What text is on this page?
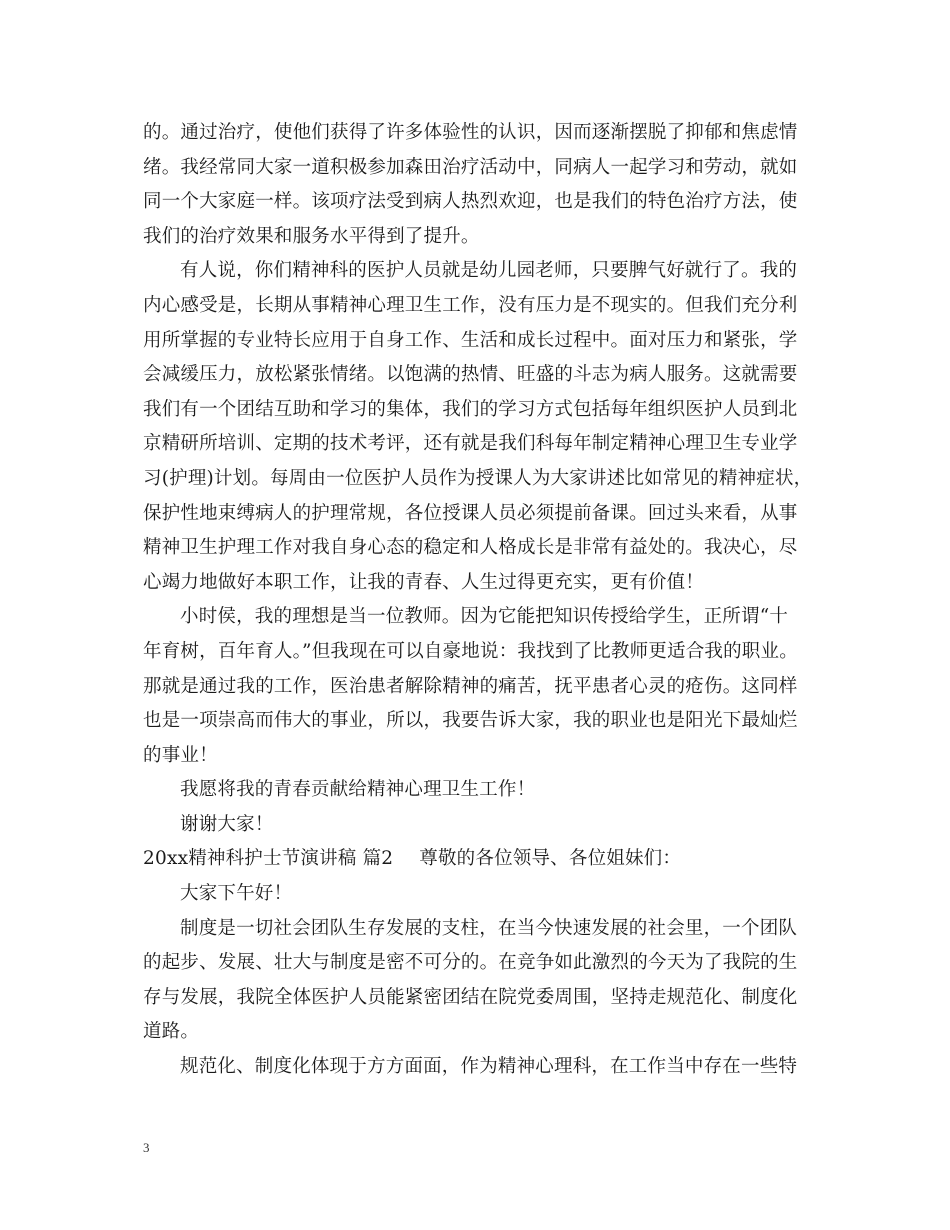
的。通过治疗，使他们获得了许多体验性的认识，因而逐渐摆脱了抑郁和焦虑情
绪。我经常同大家一道积极参加森田治疗活动中，同病人一起学习和劳动，就如
同一个大家庭一样。该项疗法受到病人热烈欢迎，也是我们的特色治疗方法，使
我们的治疗效果和服务水平得到了提升。
有人说，你们精神科的医护人员就是幼儿园老师，只要脾气好就行了。我的
内心感受是，长期从事精神心理卫生工作，没有压力是不现实的。但我们充分利
用所掌握的专业特长应用于自身工作、生活和成长过程中。面对压力和紧张，学
会减缓压力，放松紧张情绪。以饱满的热情、旺盛的斗志为病人服务。这就需要
我们有一个团结互助和学习的集体，我们的学习方式包括每年组织医护人员到北
京精研所培训、定期的技术考评，还有就是我们科每年制定精神心理卫生专业学
习(护理)计划。每周由一位医护人员作为授课人为大家讲述比如常见的精神症状，
保护性地束缚病人的护理常规，各位授课人员必须提前备课。回过头来看，从事
精神卫生护理工作对我自身心态的稳定和人格成长是非常有益处的。我决心，尽
心竭力地做好本职工作，让我的青春、人生过得更充实，更有价值！
小时侯，我的理想是当一位教师。因为它能把知识传授给学生，正所谓“十
年育树，百年育人。”但我现在可以自豪地说：我找到了比教师更适合我的职业。
那就是通过我的工作，医治患者解除精神的痛苦，抚平患者心灵的疮伤。这同样
也是一项崇高而伟大的事业，所以，我要告诉大家，我的职业也是阳光下最灿烂
的事业！
我愿将我的青春贡献给精神心理卫生工作！
谢谢大家！
20xx精神科护士节演讲稿 篇2 尊敬的各位领导、各位姐妹们：
大家下午好！
制度是一切社会团队生存发展的支柱，在当今快速发展的社会里，一个团队
的起步、发展、壮大与制度是密不可分的。在竞争如此激烈的今天为了我院的生
存与发展，我院全体医护人员能紧密团结在院党委周围，坚持走规范化、制度化
道路。
规范化、制度化体现于方方面面，作为精神心理科，在工作当中存在一些特
3
